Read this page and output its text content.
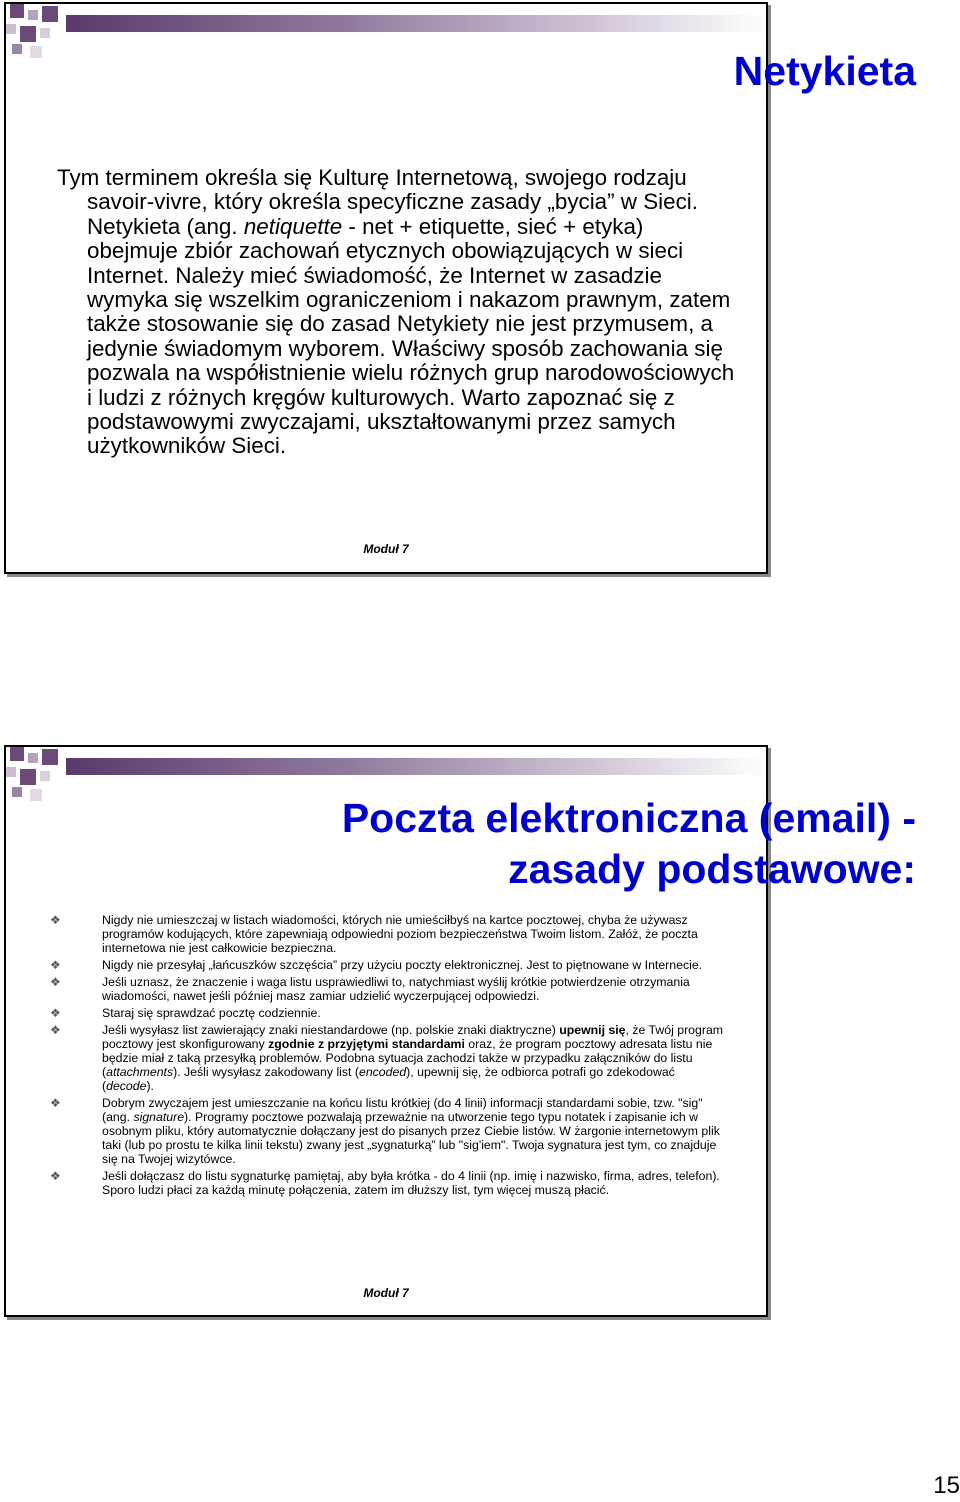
Netykieta

Tym terminem określa się Kulturę Internetową, swojego rodzaju savoir-vivre, który określa specyficzne zasady „bycia” w Sieci. Netykieta (ang. netiquette - net + etiquette, sieć + etyka) obejmuje zbiór zachowań etycznych obowiązujących w sieci Internet. Należy mieć świadomość, że Internet w zasadzie wymyka się wszelkim ograniczeniom i nakazom prawnym, zatem także stosowanie się do zasad Netykiety nie jest przymusem, a jedynie świadomym wyborem. Właściwy sposób zachowania się pozwala na współistnienie wielu różnych grup narodowościowych i ludzi z różnych kręgów kulturowych. Warto zapoznać się z podstawowymi zwyczajami, ukształtowanymi przez samych użytkowników Sieci.

Moduł 7
❖	Nigdy nie umieszczaj w listach wiadomości, których nie umieściłbyś na kartce pocztowej, chyba że używasz programów kodujących, które zapewniają odpowiedni poziom bezpieczeństwa Twoim listom. Załóż, że poczta internetowa nie jest całkowicie bezpieczna.
❖	Nigdy nie przesyłaj „łańcuszków szczęścia” przy użyciu poczty elektronicznej. Jest to piętnowane w Internecie.
❖	Jeśli uznasz, że znaczenie i waga listu usprawiedliwi to, natychmiast wyślij krótkie potwierdzenie otrzymania wiadomości, nawet jeśli później masz zamiar udzielić wyczerpującej odpowiedzi.
❖	Staraj się sprawdzać pocztę codziennie.
❖	Jeśli wysyłasz list zawierający znaki niestandardowe (np. polskie znaki diaktryczne) upewnij się, że Twój program pocztowy jest skonfigurowany zgodnie z przyjętymi standardami oraz, że program pocztowy adresata listu nie będzie miał z taką przesyłką problemów. Podobna sytuacja zachodzi także w przypadku załączników do listu (attachments). Jeśli wysyłasz zakodowany list (encoded), upewnij się, że odbiorca potrafi go zdekodować (decode).
❖	Dobrym zwyczajem jest umieszczanie na końcu listu krótkiej (do 4 linii) informacji standardami sobie, tzw. "sig" (ang. signature). Programy pocztowe pozwalają przeważnie na utworzenie tego typu notatek i zapisanie ich w osobnym pliku, który automatycznie dołączany jest do pisanych przez Ciebie listów. W żargonie internetowym plik taki (lub po prostu te kilka linii tekstu) zwany jest „sygnaturką” lub "sig'iem". Twoja sygnatura jest tym, co znajduje się na Twojej wizytówce.
❖	Jeśli dołączasz do listu sygnaturkę pamiętaj, aby była krótka - do 4 linii (np. imię i nazwisko, firma, adres, telefon). Sporo ludzi płaci za każdą minutę połączenia, zatem im dłuższy list, tym więcej muszą płacić.
Poczta elektroniczna (email) -
zasady podstawowe:
Moduł 7
15
